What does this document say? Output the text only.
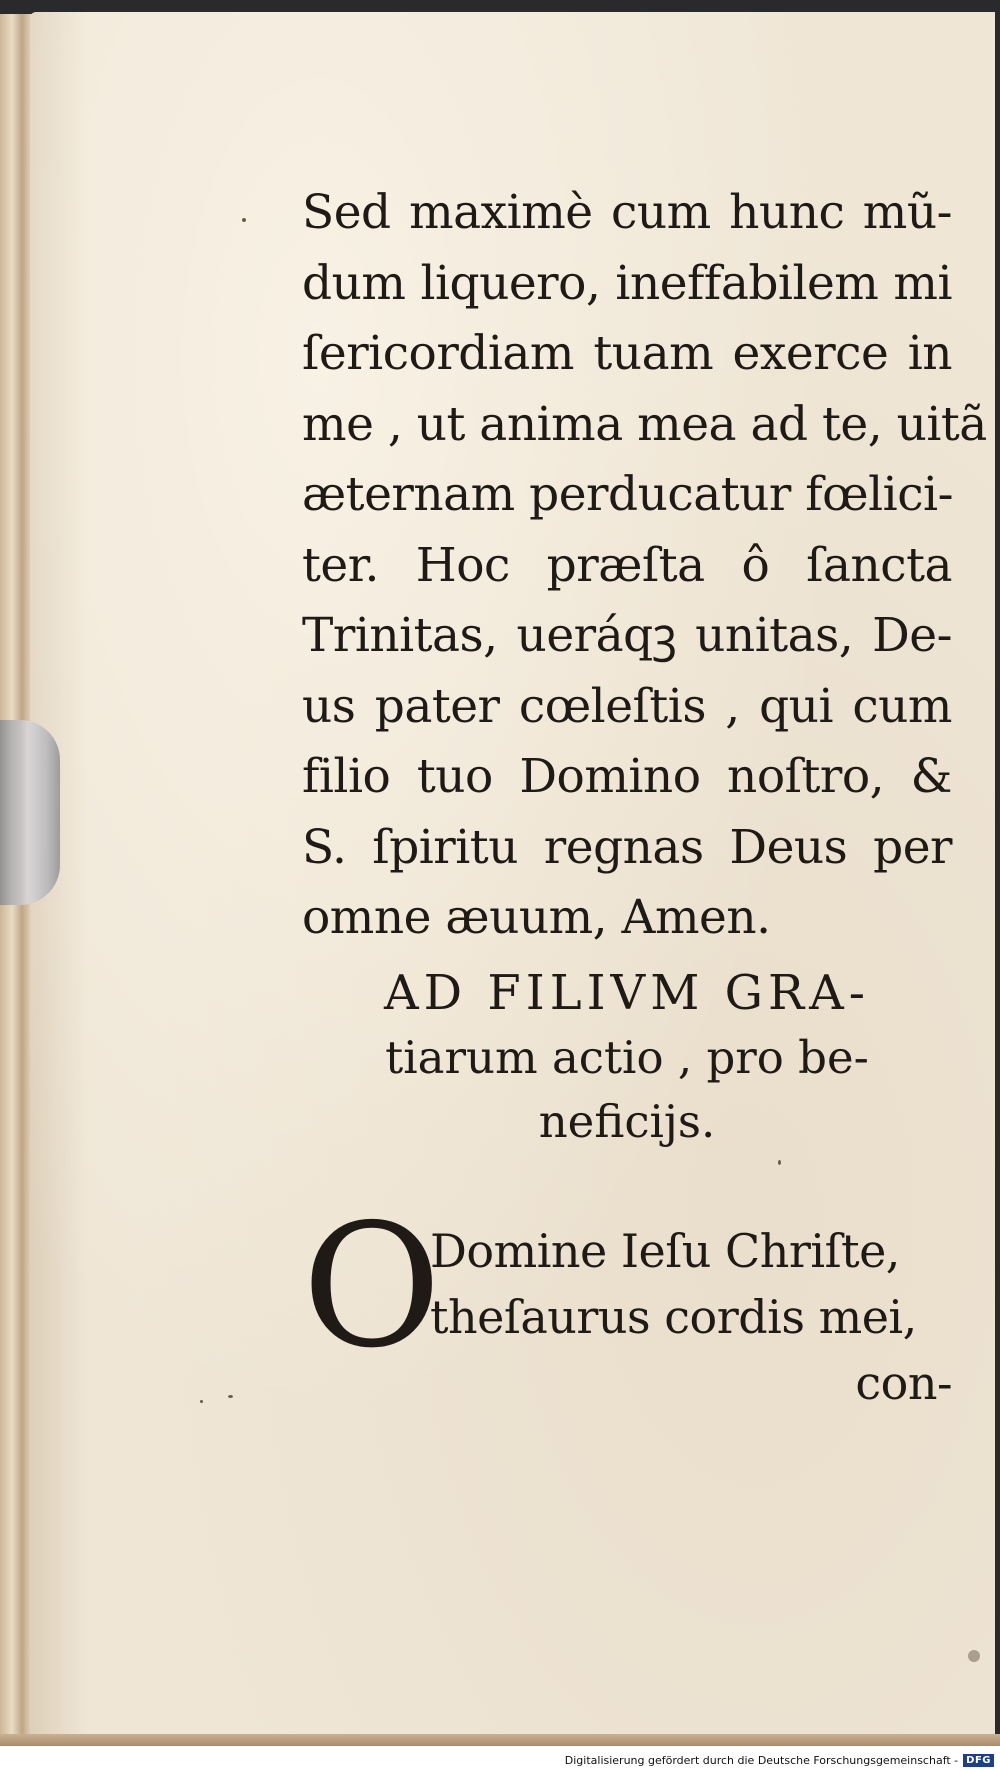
Sed maximè cum hunc mũ-
dum liquero, ineffabilem mi
ſericordiam tuam exerce in
me , ut anima mea ad te, uitã
æternam perducatur fœlici-
ter. Hoc præſta ô ſancta
Trinitas, ueráqꝫ unitas, De-
us pater cœleſtis , qui cum
filio tuo Domino noſtro, &
S. ſpiritu regnas Deus per
omne æuum, Amen.
AD FILIVM GRA-
tiarum actio , pro be-
neficijs.
O
Domine Ieſu Chriſte,
theſaurus cordis mei,
con-
Digitalisierung gefördert durch die Deutsche Forschungsgemeinschaft - DFG
